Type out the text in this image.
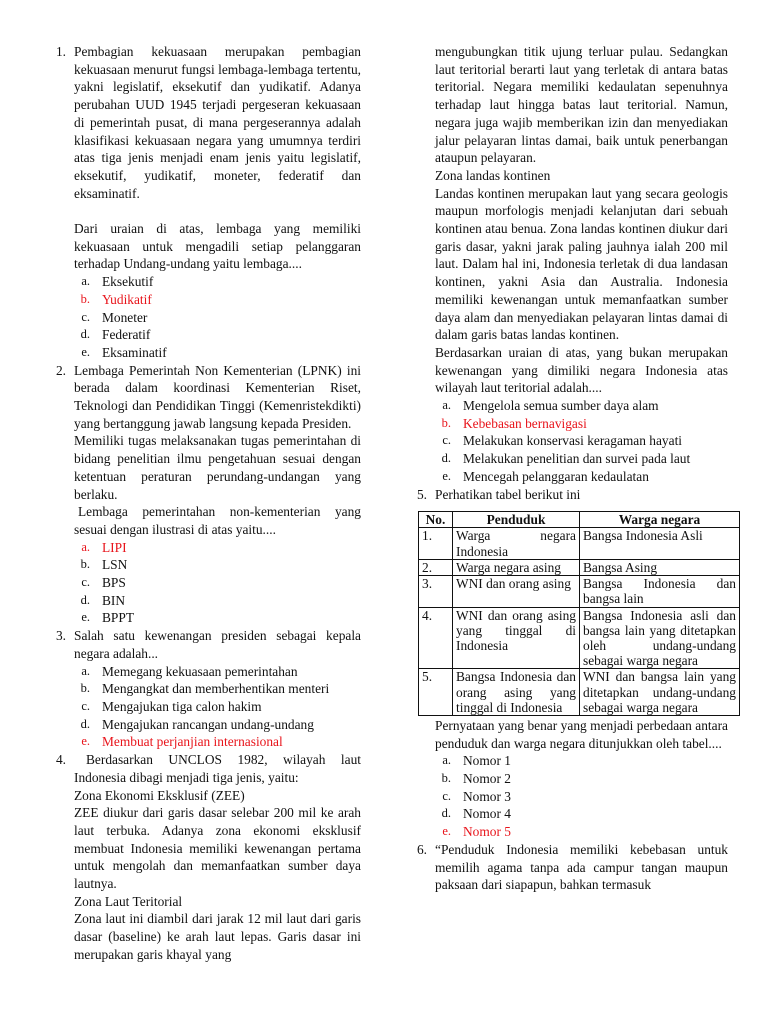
1. Pembagian kekuasaan merupakan pembagian kekuasaan menurut fungsi lembaga-lembaga tertentu, yakni legislatif, eksekutif dan yudikatif. Adanya perubahan UUD 1945 terjadi pergeseran kekuasaan di pemerintah pusat, di mana pergeserannya adalah klasifikasi kekuasaan negara yang umumnya terdiri atas tiga jenis menjadi enam jenis yaitu legislatif, eksekutif, yudikatif, moneter, federatif dan eksaminatif.

Dari uraian di atas, lembaga yang memiliki kekuasaan untuk mengadili setiap pelanggaran terhadap Undang-undang yaitu lembaga....

a. Eksekutif
b. Yudikatif
c. Moneter
d. Federatif
e. Eksaminatif
2. Lembaga Pemerintah Non Kementerian (LPNK) ini berada dalam koordinasi Kementerian Riset, Teknologi dan Pendidikan Tinggi (Kemenristekdikti) yang bertanggung jawab langsung kepada Presiden.

Memiliki tugas melaksanakan tugas pemerintahan di bidang penelitian ilmu pengetahuan sesuai dengan ketentuan peraturan perundang-undangan yang berlaku.

Lembaga pemerintahan non-kementerian yang sesuai dengan ilustrasi di atas yaitu....

a. LIPI
b. LSN
c. BPS
d. BIN
e. BPPT
3. Salah satu kewenangan presiden sebagai kepala negara adalah...

a. Memegang kekuasaan pemerintahan
b. Mengangkat dan memberhentikan menteri
c. Mengajukan tiga calon hakim
d. Mengajukan rancangan undang-undang
e. Membuat perjanjian internasional
4.	Berdasarkan UNCLOS 1982, wilayah laut Indonesia dibagi menjadi tiga jenis, yaitu:

Zona Ekonomi Eksklusif (ZEE)

ZEE diukur dari garis dasar selebar 200 mil ke arah laut terbuka. Adanya zona ekonomi eksklusif membuat Indonesia memiliki kewenangan pertama untuk mengolah dan memanfaatkan sumber daya lautnya.

Zona Laut Teritorial

Zona laut ini diambil dari jarak 12 mil laut dari garis dasar (baseline) ke arah laut lepas. Garis dasar ini merupakan garis khayal yang

mengubungkan titik ujung terluar pulau. Sedangkan laut teritorial berarti laut yang terletak di antara batas teritorial. Negara memiliki kedaulatan sepenuhnya terhadap laut hingga batas laut teritorial. Namun, negara juga wajib memberikan izin dan menyediakan jalur pelayaran lintas damai, baik untuk penerbangan ataupun pelayaran.

Zona landas kontinen

Landas kontinen merupakan laut yang secara geologis maupun morfologis menjadi kelanjutan dari sebuah kontinen atau benua. Zona landas kontinen diukur dari garis dasar, yakni jarak paling jauhnya ialah 200 mil laut. Dalam hal ini, Indonesia terletak di dua landasan kontinen, yakni Asia dan Australia. Indonesia memiliki kewenangan untuk memanfaatkan sumber daya alam dan menyediakan pelayaran lintas damai di dalam garis batas landas kontinen.

Berdasarkan uraian di atas, yang bukan merupakan kewenangan yang dimiliki negara Indonesia atas wilayah laut teritorial adalah....

a. Mengelola semua sumber daya alam
b. Kebebasan bernavigasi
c. Melakukan konservasi keragaman hayati
d. Melakukan penelitian dan survei pada laut
e. Mencegah pelanggaran kedaulatan
5. Perhatikan tabel berikut ini

No.	Penduduk	Warga negara
1.	Warga negara Indonesia	Bangsa Indonesia Asli
2.	Warga negara asing	Bangsa Asing
3.	WNI dan orang asing	Bangsa Indonesia dan bangsa lain
4.	WNI dan orang asing yang tinggal di Indonesia	Bangsa Indonesia asli dan bangsa lain yang ditetapkan oleh undang-undang sebagai warga negara
5.	Bangsa Indonesia dan orang asing yang tinggal di Indonesia	WNI dan bangsa lain yang ditetapkan undang-undang sebagai warga negara

Pernyataan yang benar yang menjadi perbedaan antara penduduk dan warga negara ditunjukkan oleh tabel....

a. Nomor 1
b. Nomor 2
c. Nomor 3
d. Nomor 4
e. Nomor 5
6. “Penduduk Indonesia memiliki kebebasan untuk memilih agama tanpa ada campur tangan maupun paksaan dari siapapun, bahkan termasuk
